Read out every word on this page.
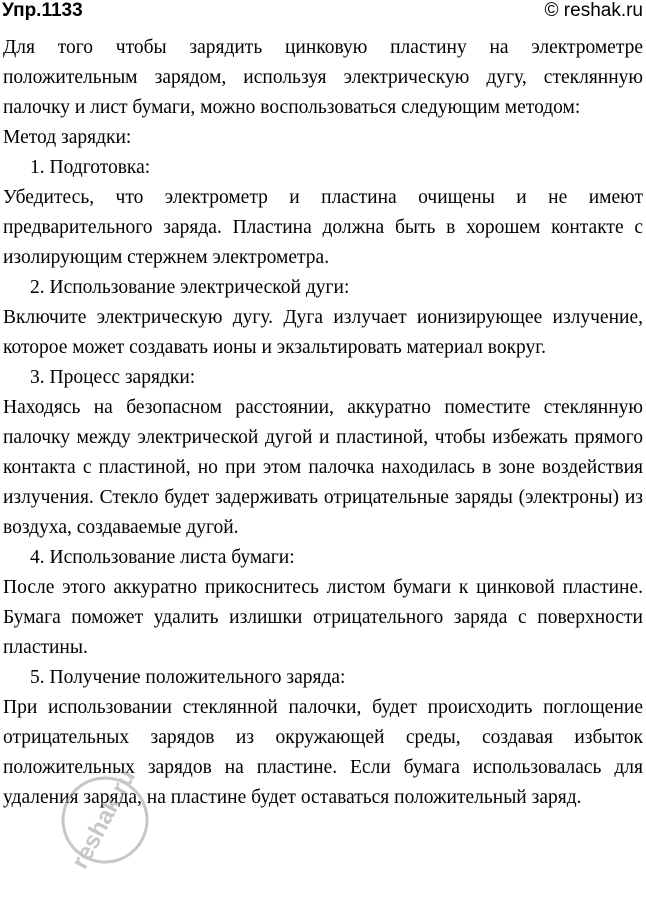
Упр.1133	© reshak.ru

Для того чтобы зарядить цинковую пластину на электрометре положительным зарядом, используя электрическую дугу, стеклянную палочку и лист бумаги, можно воспользоваться следующим методом:

Метод зарядки:

1. Подготовка:

Убедитесь, что электрометр и пластина очищены и не имеют предварительного заряда. Пластина должна быть в хорошем контакте с изолирующим стержнем электрометра.

2. Использование электрической дуги:

Включите электрическую дугу. Дуга излучает ионизирующее излучение, которое может создавать ионы и экзальтировать материал вокруг.

3. Процесс зарядки:

Находясь на безопасном расстоянии, аккуратно поместите стеклянную палочку между электрической дугой и пластиной, чтобы избежать прямого контакта с пластиной, но при этом палочка находилась в зоне воздействия излучения. Стекло будет задерживать отрицательные заряды (электроны) из воздуха, создаваемые дугой.

4. Использование листа бумаги:

После этого аккуратно прикоснитесь листом бумаги к цинковой пластине. Бумага поможет удалить излишки отрицательного заряда с поверхности пластины.

5. Получение положительного заряда:

При использовании стеклянной палочки, будет происходить поглощение отрицательных зарядов из окружающей среды, создавая избыток положительных зарядов на пластине. Если бумага использовалась для удаления заряда, на пластине будет оставаться положительный заряд.

reshak.ru
